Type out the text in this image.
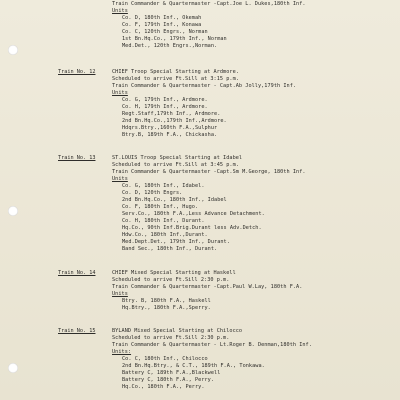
Train Commander & Quartermaster -Capt.Joe L. Dukes,180th Inf.
Units
Co. D, 180th Inf., Okemah
Co. F, 179th Inf., Konawa
Co. C, 120th Engrs., Norman
1st Bn.Hq.Co., 179th Inf., Norman
Med.Det., 120th Engrs.,Norman.
Train No. 12	CHIEF Troop Special Starting at Ardmore.
Scheduled to arrive Ft.Sill at 3:15 p.m.
Train Commander & Quartermaster - Capt.Ab Jolly,179th Inf.
Units
Co. G, 179th Inf., Ardmore.
Co. H, 179th Inf., Ardmore.
Regt.Staff,179th Inf., Ardmore.
2nd Bn.Hq.Co.,179th Inf.,Ardmore.
Hdqrs.Btry.,160th F.A.,Sulphur
Btry.B, 189th F.A., Chickasha.
Train No. 13	ST.LOUIS Troop Special Starting at Idabel
Scheduled to arrive Ft.Sill at 3:45 p.m.
Train Commander & Quartermaster -Capt.Sm M.George, 180th Inf.
Units
Co. G, 180th Inf., Idabel.
Co. D, 120th Engrs.
2nd Bn.Hq.Co., 180th Inf., Idabel
Co. F, 180th Inf., Hugo.
Serv.Co., 180th F.A.,Less Advance Detachment.
Co. H, 180th Inf., Durant.
Hq.Co., 90th Inf.Brig.Durant less Adv.Detch.
Hdw.Co., 180th Inf.,Durant.
Med.Dept.Det., 179th Inf., Durant.
Band Sec., 180th Inf., Durant.
Train No. 14	CHIEF Mixed Special Starting at Haskell
Scheduled to arrive Ft.Sill 2:30 p.m.
Train Commander & Quartermaster -Capt.Paul W.Lay, 180th F.A.
Units
Btry. B, 180th F.A., Haskell
Hq.Btry., 180th F.A.,Sperry.
Train No. 15	BYLAND Mixed Special Starting at Chilocco
Scheduled to arrive Ft.Sill 2:30 p.m.
Train Commander & Quartermaster - Lt.Roger B. Denman,180th Inf.
Units:
Co. C, 180th Inf., Chilocco
2nd Bn.Hq.Btry., & C.T., 189th F.A., Tonkawa.
Battery C, 189th F.A.,Blackwell
Battery C, 180th F.A., Perry.
Hq.Co., 180th F.A., Perry.
